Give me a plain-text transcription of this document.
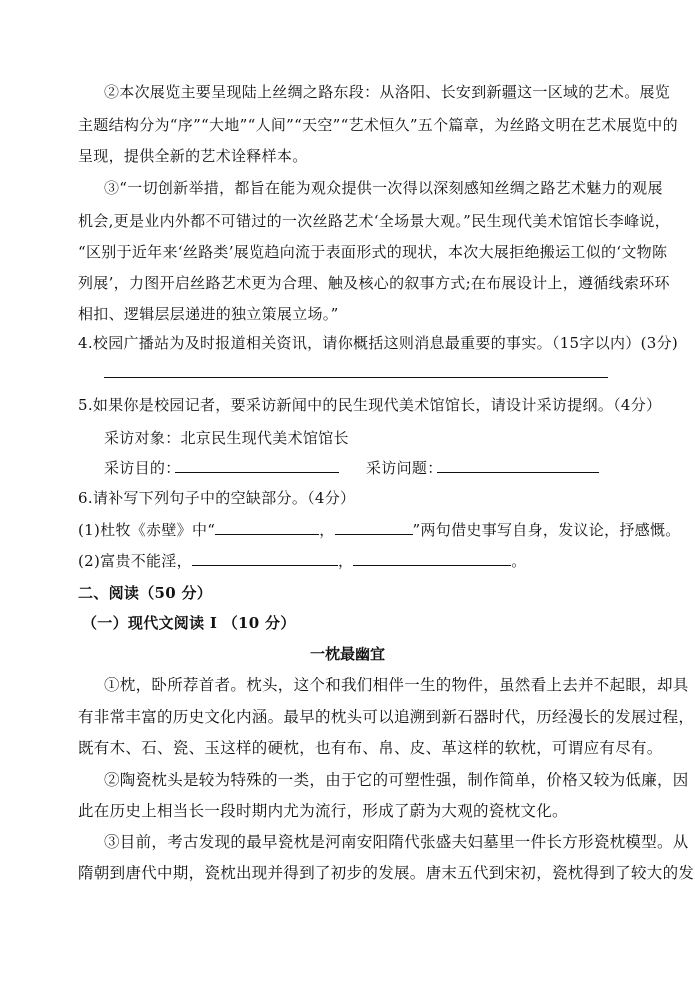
②本次展览主要呈现陆上丝绸之路东段：从洛阳、长安到新疆这一区域的艺术。展览
主题结构分为“序”“大地”“人间”“天空”“艺术恒久”五个篇章，为丝路文明在艺术展览中的
呈现，提供全新的艺术诠释样本。
③“一切创新举措，都旨在能为观众提供一次得以深刻感知丝绸之路艺术魅力的观展
机会,更是业内外都不可错过的一次丝路艺术‘全场景大观。”民生现代美术馆馆长李峰说，
“区别于近年来‘丝路类’展览趋向流于表面形式的现状，本次大展拒绝搬运工似的‘文物陈
列展’，力图开启丝路艺术更为合理、触及核心的叙事方式;在布展设计上，遵循线索环环
相扣、逻辑层层递进的独立策展立场。”
4.校园广播站为及时报道相关资讯，请你概括这则消息最重要的事实。（15字以内）(3分)
5.如果你是校园记者，要采访新闻中的民生现代美术馆馆长，请设计采访提纲。（4分）
采访对象：北京民生现代美术馆馆长
采访目的：	采访问题：
6.请补写下列句子中的空缺部分。（4分）
(1)杜牧《赤壁》中“	，	”两句借史事写自身，发议论，抒感慨。
(2)富贵不能淫，	，	。
二、阅读（50 分）
（一）现代文阅读 I （10 分）
一枕最幽宜
①枕，卧所荐首者。枕头，这个和我们相伴一生的物件，虽然看上去并不起眼，却具
有非常丰富的历史文化内涵。最早的枕头可以追溯到新石器时代，历经漫长的发展过程，
既有木、石、瓷、玉这样的硬枕，也有布、帛、皮、革这样的软枕，可谓应有尽有。
②陶瓷枕头是较为特殊的一类，由于它的可塑性强，制作简单，价格又较为低廉，因
此在历史上相当长一段时期内尤为流行，形成了蔚为大观的瓷枕文化。
③目前，考古发现的最早瓷枕是河南安阳隋代张盛夫妇墓里一件长方形瓷枕模型。从
隋朝到唐代中期，瓷枕出现并得到了初步的发展。唐末五代到宋初，瓷枕得到了较大的发
